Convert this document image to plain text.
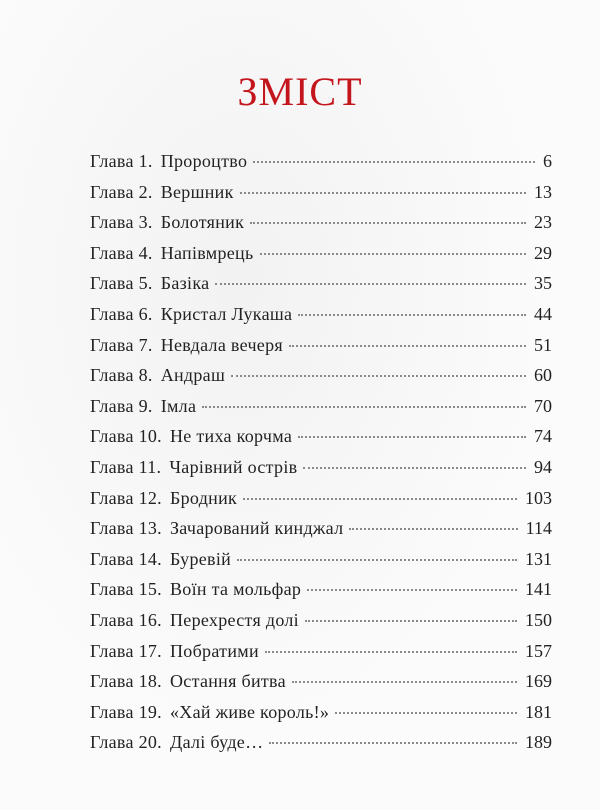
ЗМІСТ
Глава 1. Пророцтво	6
Глава 2. Вершник	13
Глава 3. Болотяник	23
Глава 4. Напівмрець	29
Глава 5. Базіка	35
Глава 6. Кристал Лукаша	44
Глава 7. Невдала вечеря	51
Глава 8. Андраш	60
Глава 9. Імла	70
Глава 10. Не тиха корчма	74
Глава 11. Чарівний острів	94
Глава 12. Бродник	103
Глава 13. Зачарований кинджал	114
Глава 14. Буревій	131
Глава 15. Воїн та мольфар	141
Глава 16. Перехрестя долі	150
Глава 17. Побратими	157
Глава 18. Остання битва	169
Глава 19. «Хай живе король!»	181
Глава 20. Далі буде…	189
